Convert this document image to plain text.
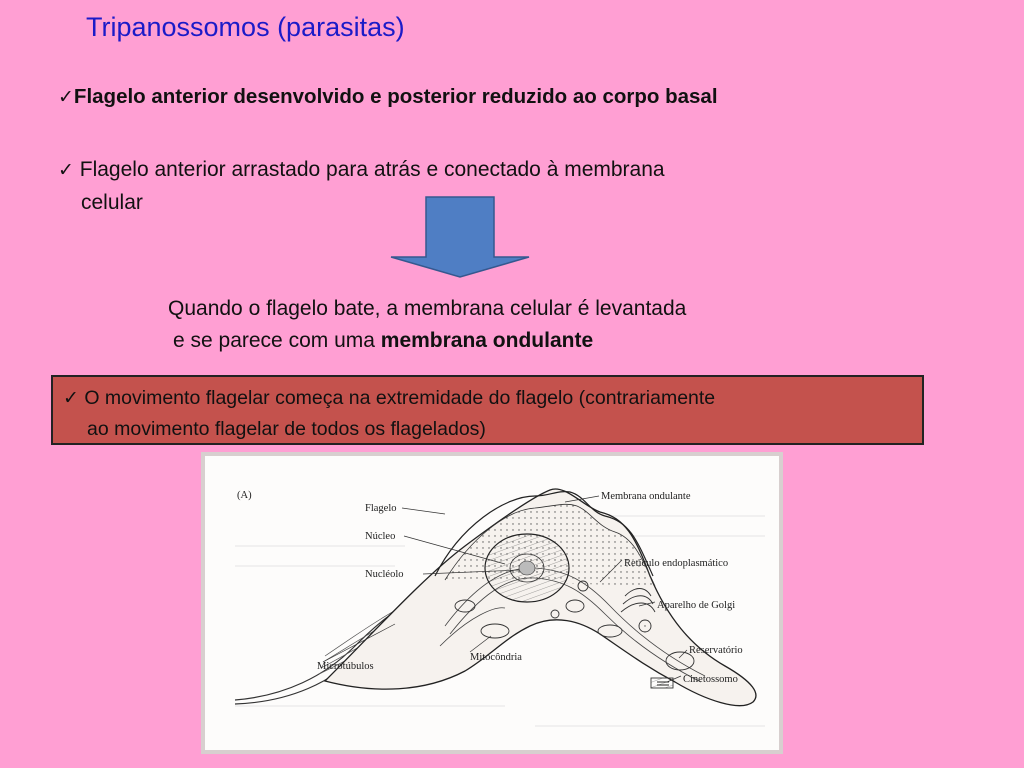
Tripanossomos (parasitas)
✓Flagelo anterior desenvolvido e posterior reduzido ao corpo basal
✓ Flagelo anterior arrastado para atrás e conectado à membrana
celular
Quando o flagelo bate, a membrana celular é levantada
e se parece com uma membrana ondulante
✓ O movimento flagelar começa na extremidade do flagelo (contrariamente
ao movimento flagelar de todos os flagelados)
(A)
Flagelo
Núcleo
Nucléolo
Microtúbulos
Mitocôndria
Membrana ondulante
Retículo endoplasmático
Aparelho de Golgi
Reservatório
Cinetossomo
